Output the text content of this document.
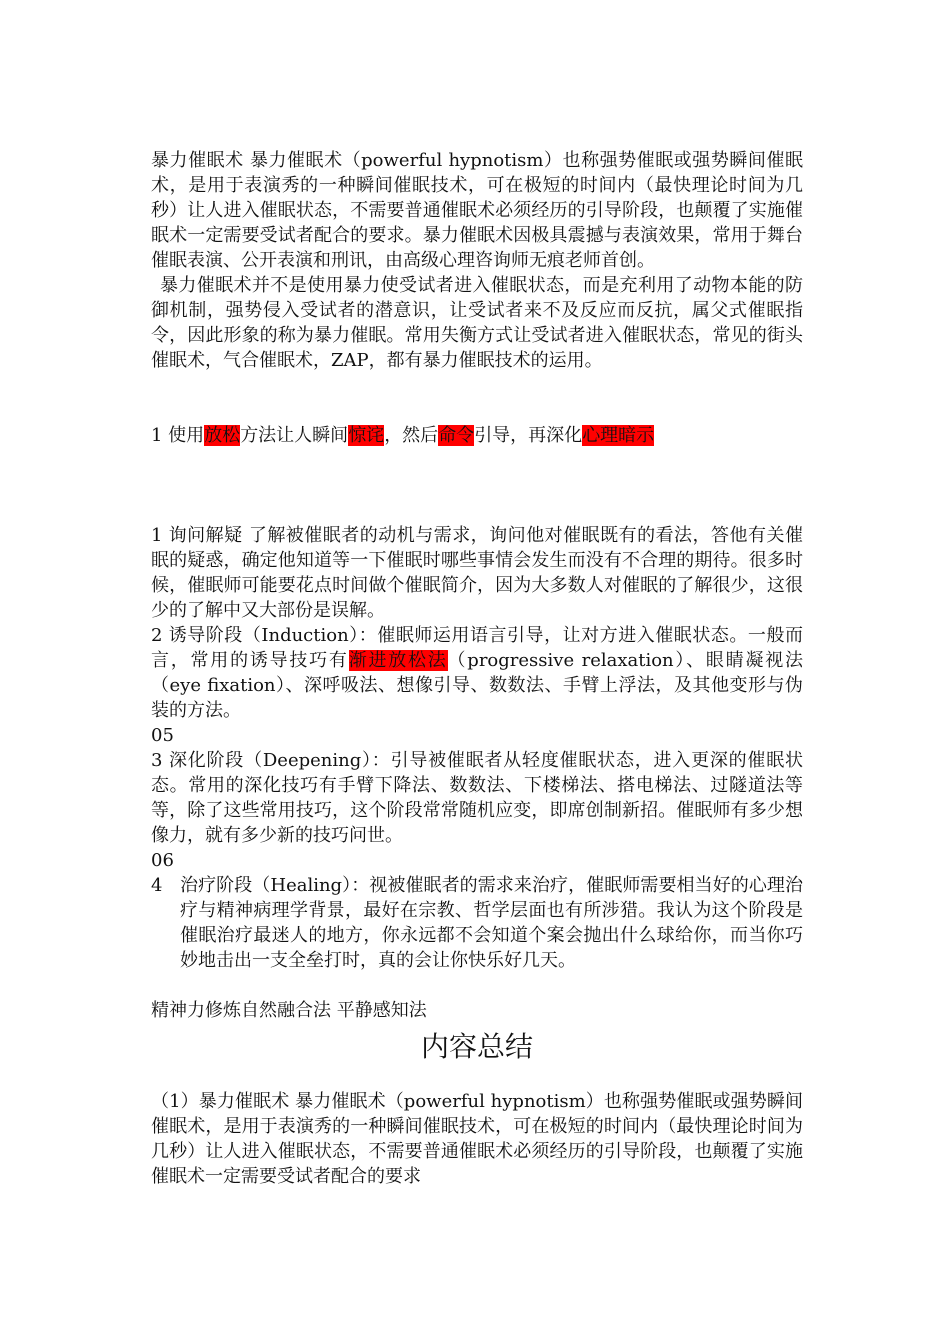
暴力催眠术 暴力催眠术（powerful hypnotism）也称强势催眠或强势瞬间催眠术，是用于表演秀的一种瞬间催眠技术，可在极短的时间内（最快理论时间为几秒）让人进入催眠状态，不需要普通催眠术必须经历的引导阶段，也颠覆了实施催眠术一定需要受试者配合的要求。暴力催眠术因极具震撼与表演效果，常用于舞台催眠表演、公开表演和刑讯，由高级心理咨询师无痕老师首创。

暴力催眠术并不是使用暴力使受试者进入催眠状态，而是充利用了动物本能的防御机制，强势侵入受试者的潜意识，让受试者来不及反应而反抗，属父式催眠指令，因此形象的称为暴力催眠。常用失衡方式让受试者进入催眠状态，常见的街头催眠术，气合催眠术，ZAP，都有暴力催眠技术的运用。

1 使用放松方法让人瞬间惊诧，然后命令引导，再深化心理暗示

1 询问解疑 了解被催眠者的动机与需求，询问他对催眠既有的看法，答他有关催眠的疑惑，确定他知道等一下催眠时哪些事情会发生而没有不合理的期待。很多时候，催眠师可能要花点时间做个催眠简介，因为大多数人对催眠的了解很少，这很少的了解中又大部份是误解。

2 诱导阶段（Induction）：催眠师运用语言引导，让对方进入催眠状态。一般而言，常用的诱导技巧有渐进放松法（progressive relaxation）、眼睛凝视法（eye fixation）、深呼吸法、想像引导、数数法、手臂上浮法，及其他变形与伪装的方法。

05

3 深化阶段（Deepening）：引导被催眠者从轻度催眠状态，进入更深的催眠状态。常用的深化技巧有手臂下降法、数数法、下楼梯法、搭电梯法、过隧道法等等，除了这些常用技巧，这个阶段常常随机应变，即席创制新招。催眠师有多少想像力，就有多少新的技巧问世。

06

4 治疗阶段（Healing）：视被催眠者的需求来治疗，催眠师需要相当好的心理治疗与精神病理学背景，最好在宗教、哲学层面也有所涉猎。我认为这个阶段是催眠治疗最迷人的地方，你永远都不会知道个案会抛出什么球给你，而当你巧妙地击出一支全垒打时，真的会让你快乐好几天。

精神力修炼自然融合法 平静感知法

内容总结

（1）暴力催眠术 暴力催眠术（powerful hypnotism）也称强势催眠或强势瞬间催眠术，是用于表演秀的一种瞬间催眠技术，可在极短的时间内（最快理论时间为几秒）让人进入催眠状态，不需要普通催眠术必须经历的引导阶段，也颠覆了实施催眠术一定需要受试者配合的要求
